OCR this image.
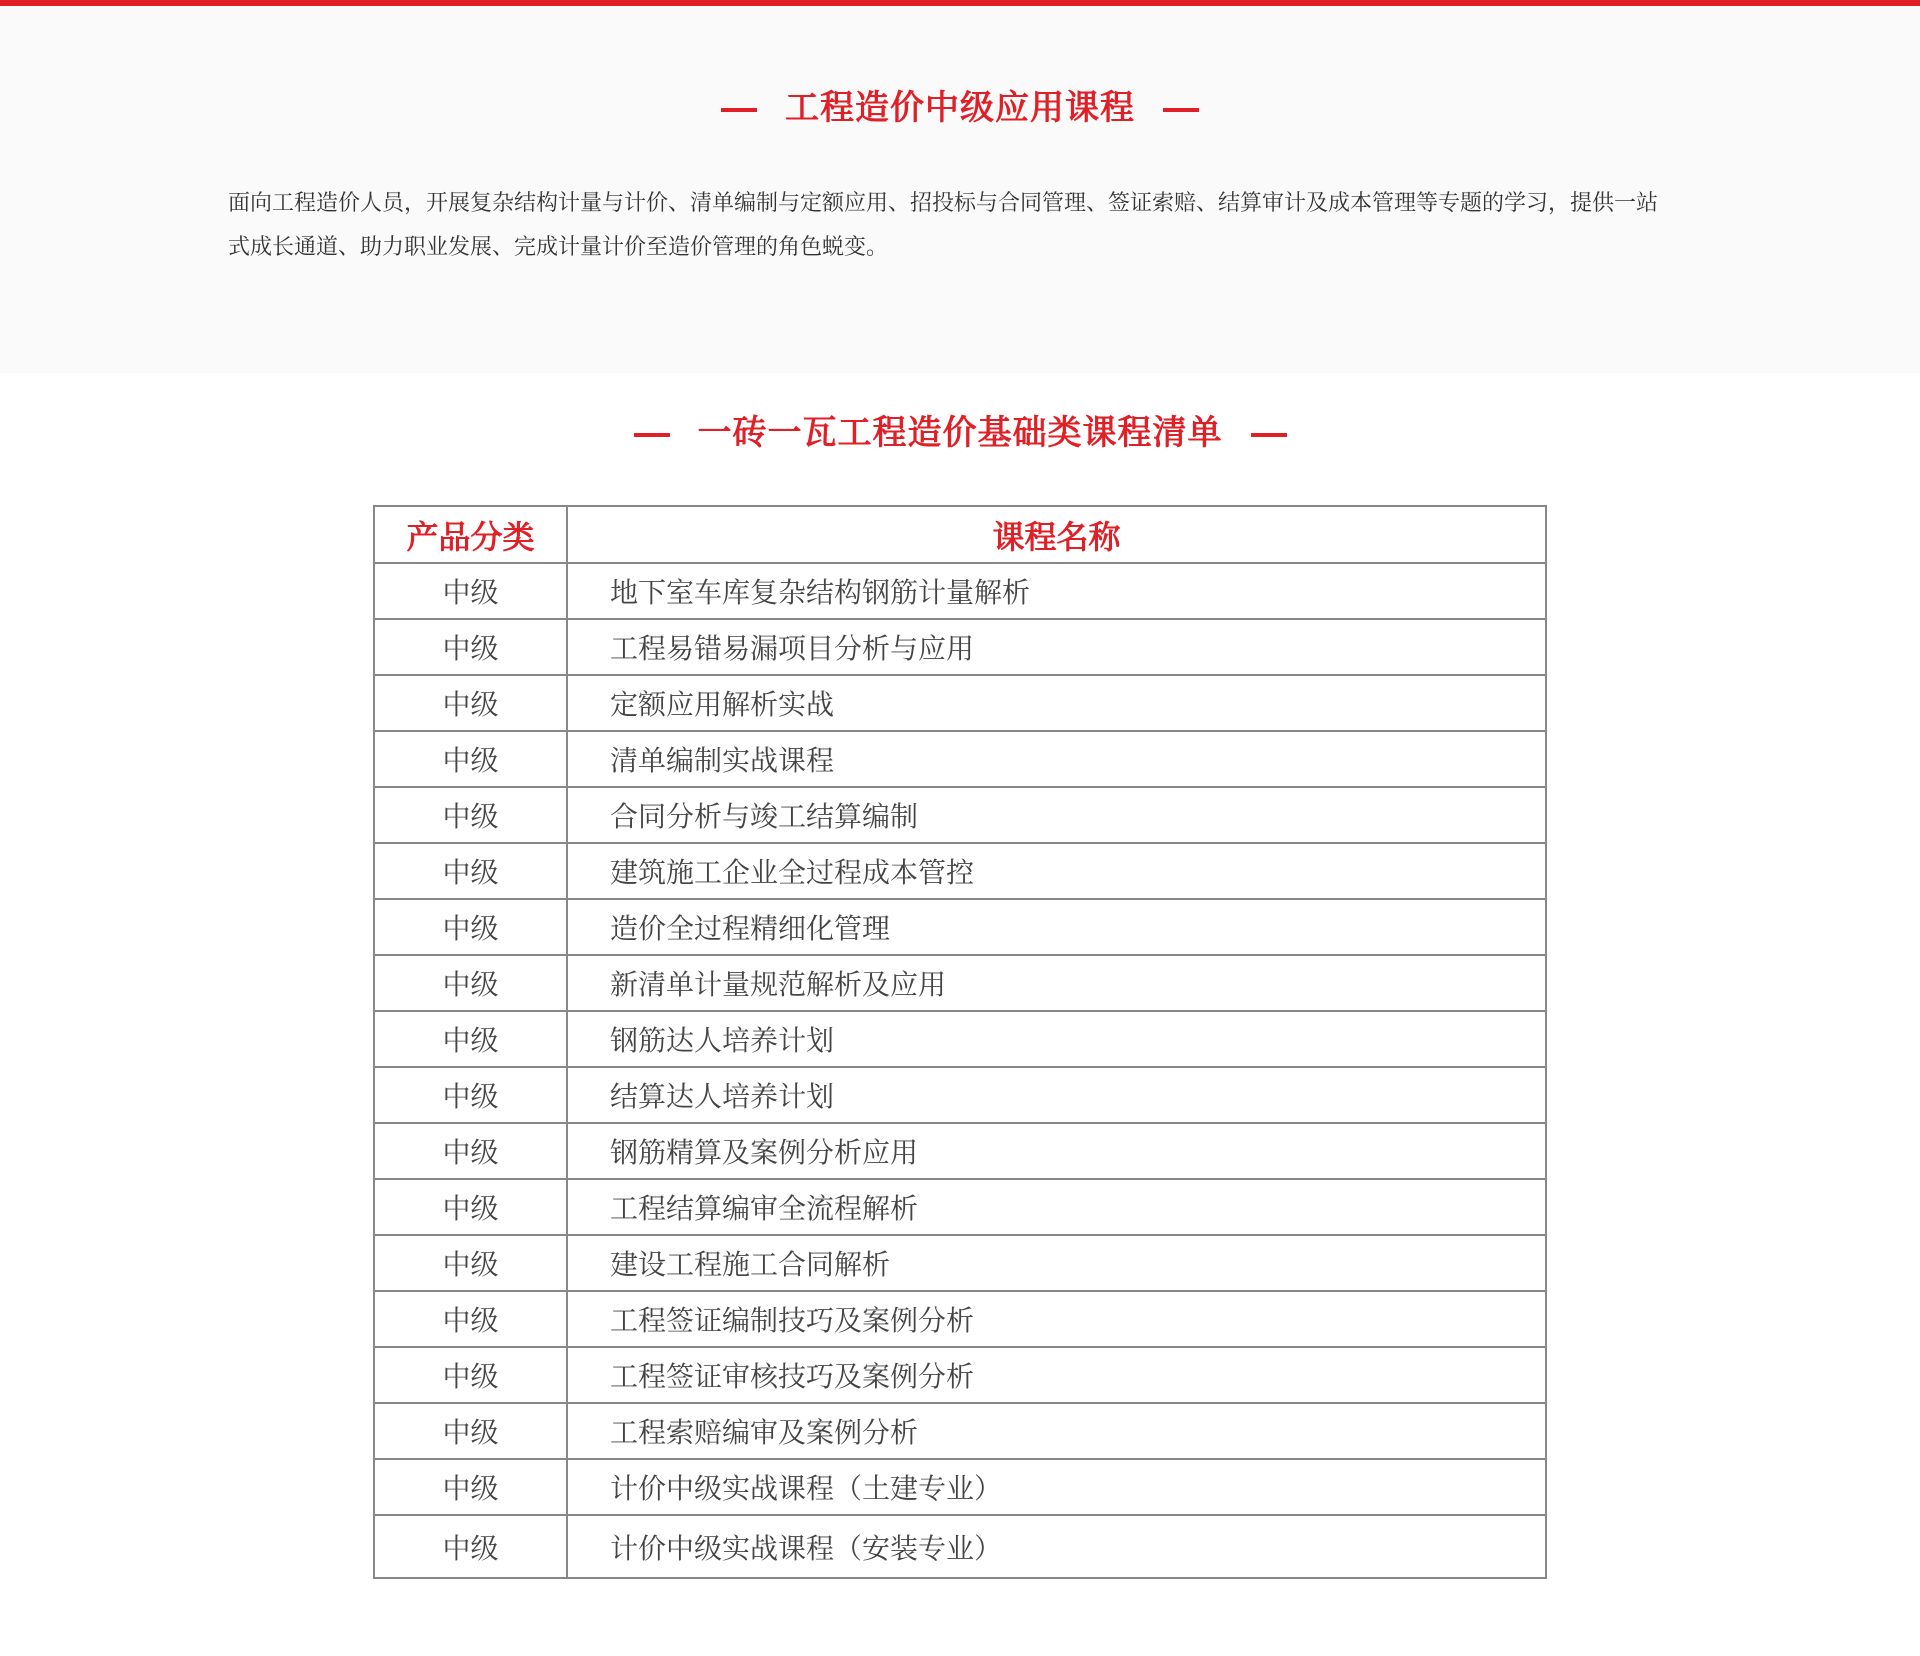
工程造价中级应用课程

面向工程造价人员，开展复杂结构计量与计价、清单编制与定额应用、招投标与合同管理、签证索赔、结算审计及成本管理等专题的学习，提供一站式成长通道、助力职业发展、完成计量计价至造价管理的角色蜕变。

一砖一瓦工程造价基础类课程清单
产品分类	课程名称
中级	地下室车库复杂结构钢筋计量解析
中级	工程易错易漏项目分析与应用
中级	定额应用解析实战
中级	清单编制实战课程
中级	合同分析与竣工结算编制
中级	建筑施工企业全过程成本管控
中级	造价全过程精细化管理
中级	新清单计量规范解析及应用
中级	钢筋达人培养计划
中级	结算达人培养计划
中级	钢筋精算及案例分析应用
中级	工程结算编审全流程解析
中级	建设工程施工合同解析
中级	工程签证编制技巧及案例分析
中级	工程签证审核技巧及案例分析
中级	工程索赔编审及案例分析
中级	计价中级实战课程（土建专业）
中级	计价中级实战课程（安装专业）
